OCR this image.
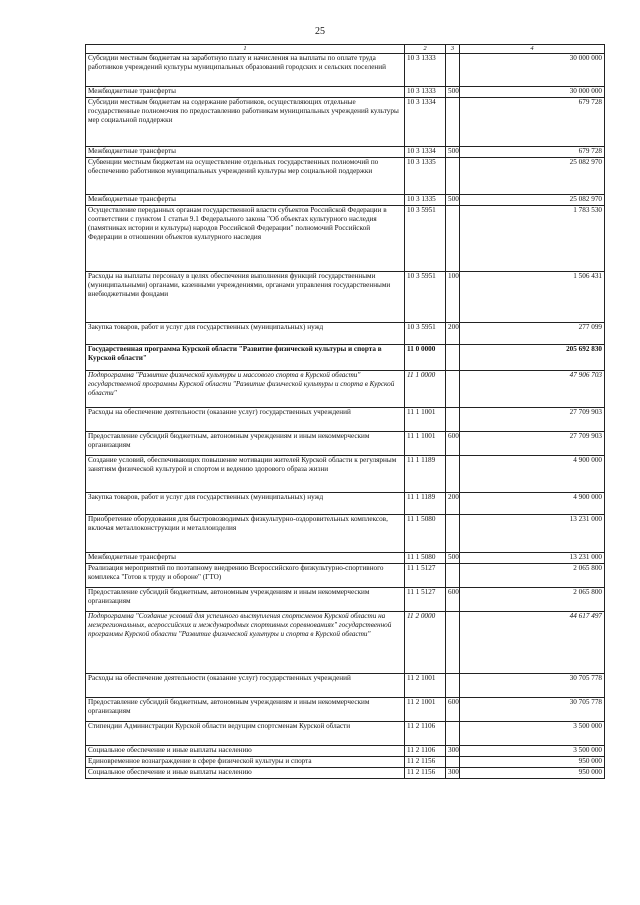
25
1	2	3	4
Субсидии местным бюджетам на заработную плату и начисления на выплаты по оплате труда работников учреждений культуры муниципальных образований городских и сельских поселений	10 3 1333		30 000 000
Межбюджетные трансферты	10 3 1333	500	30 000 000
Субсидии местным бюджетам на содержание работников, осуществляющих отдельные государственные полномочия по предоставлению работникам муниципальных учреждений культуры мер социальной поддержки	10 3 1334		679 728
Межбюджетные трансферты	10 3 1334	500	679 728
Субвенции местным бюджетам на осуществление отдельных государственных полномочий по обеспечению работников муниципальных учреждений культуры мер социальной поддержки	10 3 1335		25 082 970
Межбюджетные трансферты	10 3 1335	500	25 082 970
Осуществление переданных органам государственной власти субъектов Российской Федерации в соответствии с пунктом 1 статьи 9.1 Федерального закона "Об объектах культурного наследия (памятниках истории и культуры) народов Российской Федерации" полномочий Российской Федерации в отношении объектов культурного наследия	10 3 5951		1 783 530
Расходы на выплаты персоналу в целях обеспечения выполнения функций государственными (муниципальными) органами, казенными учреждениями, органами управления государственными внебюджетными фондами	10 3 5951	100	1 506 431
Закупка товаров, работ и услуг для государственных (муниципальных) нужд	10 3 5951	200	277 099
Государственная программа Курской области "Развитие физической культуры и спорта в Курской области"	11 0 0000		205 692 830
Подпрограмма "Развитие физической культуры и массового спорта в Курской области" государственной программы Курской области "Развитие физической культуры и спорта в Курской области"	11 1 0000		47 906 703
Расходы на обеспечение деятельности (оказание услуг) государственных учреждений	11 1 1001		27 709 903
Предоставление субсидий бюджетным, автономным учреждениям и иным некоммерческим организациям	11 1 1001	600	27 709 903
Создание условий, обеспечивающих повышение мотивации жителей Курской области к регулярным занятиям физической культурой и спортом и ведению здорового образа жизни	11 1 1189		4 900 000
Закупка товаров, работ и услуг для государственных (муниципальных) нужд	11 1 1189	200	4 900 000
Приобретение оборудования для быстровозводимых физкультурно-оздоровительных комплексов, включая металлоконструкции и металлоизделия	11 1 5080		13 231 000
Межбюджетные трансферты	11 1 5080	500	13 231 000
Реализация мероприятий по поэтапному внедрению Всероссийского физкультурно-спортивного комплекса "Готов к труду и обороне" (ГТО)	11 1 5127		2 065 800
Предоставление субсидий бюджетным, автономным учреждениям и иным некоммерческим организациям	11 1 5127	600	2 065 800
Подпрограмма "Создание условий для успешного выступления спортсменов Курской области на межрегиональных, всероссийских и международных спортивных соревнованиях" государственной программы Курской области "Развитие физической культуры и спорта в Курской области"	11 2 0000		44 617 497
Расходы на обеспечение деятельности (оказание услуг) государственных учреждений	11 2 1001		30 705 778
Предоставление субсидий бюджетным, автономным учреждениям и иным некоммерческим организациям	11 2 1001	600	30 705 778
Стипендии Администрации Курской области ведущим спортсменам Курской области	11 2 1106		3 500 000
Социальное обеспечение и иные выплаты населению	11 2 1106	300	3 500 000
Единовременное вознаграждение в сфере физической культуры и спорта	11 2 1156		950 000
Социальное обеспечение и иные выплаты населению	11 2 1156	300	950 000
